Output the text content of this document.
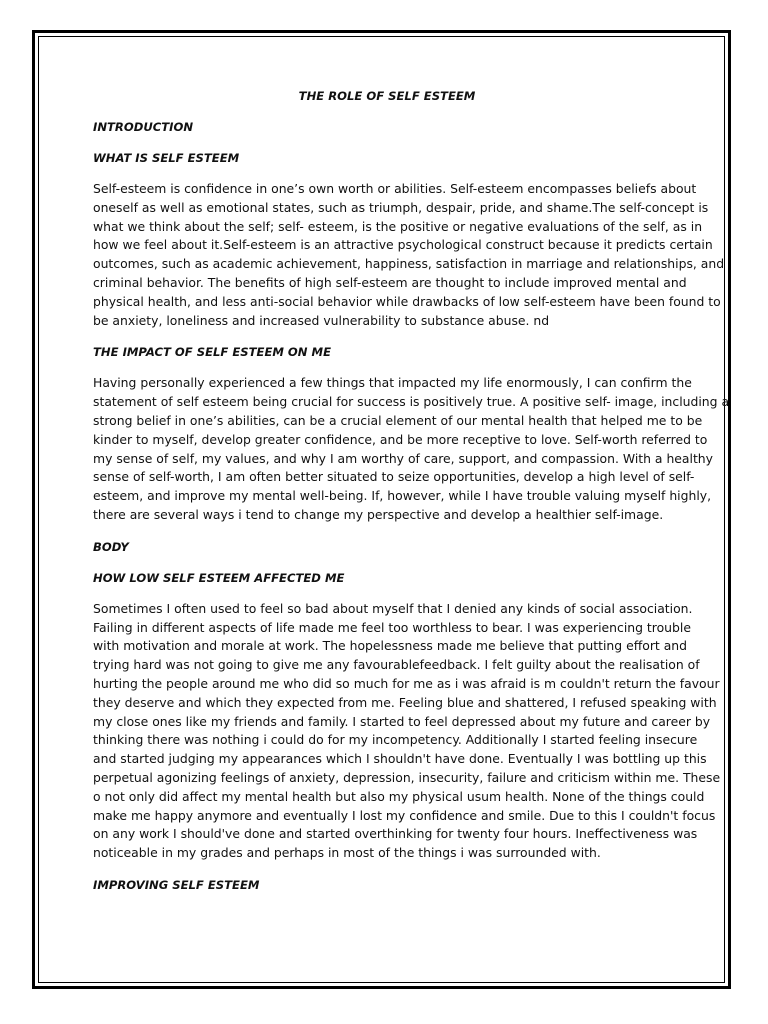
THE ROLE OF SELF ESTEEM
INTRODUCTION
WHAT IS SELF ESTEEM
Self-esteem is confidence in one’s own worth or abilities. Self-esteem encompasses beliefs about
oneself as well as emotional states, such as triumph, despair, pride, and shame.The self-concept is
what we think about the self; self- esteem, is the positive or negative evaluations of the self, as in
how we feel about it.Self-esteem is an attractive psychological construct because it predicts certain
outcomes, such as academic achievement, happiness, satisfaction in marriage and relationships, and
criminal behavior. The benefits of high self-esteem are thought to include improved mental and
physical health, and less anti-social behavior while drawbacks of low self-esteem have been found to
be anxiety, loneliness and increased vulnerability to substance abuse. nd
THE IMPACT OF SELF ESTEEM ON ME
Having personally experienced a few things that impacted my life enormously, I can confirm the
statement of self esteem being crucial for success is positively true. A positive self- image, including a
strong belief in one’s abilities, can be a crucial element of our mental health that helped me to be
kinder to myself, develop greater confidence, and be more receptive to love. Self-worth referred to
my sense of self, my values, and why I am worthy of care, support, and compassion. With a healthy
sense of self-worth, I am often better situated to seize opportunities, develop a high level of self-
esteem, and improve my mental well-being. If, however, while I have trouble valuing myself highly,
there are several ways i tend to change my perspective and develop a healthier self-image.
BODY
HOW LOW SELF ESTEEM AFFECTED ME
Sometimes I often used to feel so bad about myself that I denied any kinds of social association.
Failing in different aspects of life made me feel too worthless to bear. I was experiencing trouble
with motivation and morale at work. The hopelessness made me believe that putting effort and
trying hard was not going to give me any favourablefeedback. I felt guilty about the realisation of
hurting the people around me who did so much for me as i was afraid is m couldn't return the favour
they deserve and which they expected from me. Feeling blue and shattered, I refused speaking with
my close ones like my friends and family. I started to feel depressed about my future and career by
thinking there was nothing i could do for my incompetency. Additionally I started feeling insecure
and started judging my appearances which I shouldn't have done. Eventually I was bottling up this
perpetual agonizing feelings of anxiety, depression, insecurity, failure and criticism within me. These
o not only did affect my mental health but also my physical usum health. None of the things could
make me happy anymore and eventually I lost my confidence and smile. Due to this I couldn't focus
on any work I should've done and started overthinking for twenty four hours. Ineffectiveness was
noticeable in my grades and perhaps in most of the things i was surrounded with.
IMPROVING SELF ESTEEM
